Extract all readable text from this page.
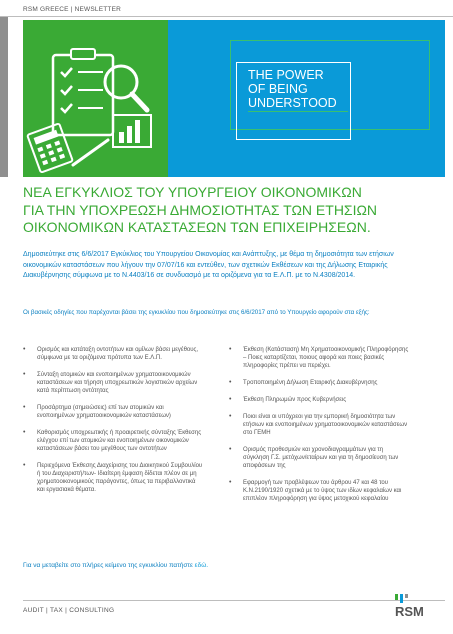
RSM GREECE | NEWSLETTER
THE POWER
OF BEING
UNDERSTOOD
ΝΕΑ ΕΓΚΥΚΛΙΟΣ ΤΟΥ ΥΠΟΥΡΓΕΙΟΥ ΟΙΚΟΝΟΜΙΚΩΝ
ΓΙΑ ΤΗΝ ΥΠΟΧΡΕΩΣΗ ΔΗΜΟΣΙΟΤΗΤΑΣ ΤΩΝ ΕΤΗΣΙΩΝ
ΟΙΚΟΝΟΜΙΚΩΝ ΚΑΤΑΣΤΑΣΕΩΝ ΤΩΝ ΕΠΙΧΕΙΡΗΣΕΩΝ.
Δημοσιεύτηκε στις 6/6/2017 Εγκύκλιος του Υπουργείου Οικονομίας και Ανάπτυξης, με θέμα τη δημοσιότητα των ετήσιων οικονομικών καταστάσεων που λήγουν την 07/07/16 και εντεύθεν, των σχετικών Εκθέσεων και της Δήλωσης Εταιρικής Διακυβέρνησης σύμφωνα με το Ν.4403/16 σε συνδυασμό με τα οριζόμενα για τα Ε.Λ.Π. με το Ν.4308/2014.
Οι βασικές οδηγίες που παρέχονται βάσει της εγκυκλίου που δημοσιεύτηκε στις 6/6/2017 από το Υπουργείο αφορούν στα εξής:
• Ορισμός και κατάταξη οντοτήτων και ομίλων βάσει μεγέθους, σύμφωνα με τα οριζόμενα πρότυπα των Ε.Λ.Π.
• Σύνταξη ατομικών και ενοποιημένων χρηματοοικονομικών καταστάσεων και τήρηση υποχρεωτικών λογιστικών αρχείων κατά περίπτωση οντότητας
• Προσάρτημα (σημειώσεις) επί των ατομικών και ενοποιημένων χρηματοοικονομικών καταστάσεων)
• Καθορισμός υποχρεωτικής ή προαιρετικής σύνταξης Έκθεσης ελέγχου επί των ατομικών και ενοποιημένων οικονομικών καταστάσεων βάσει του μεγέθους των οντοτήτων
• Περιεχόμενα Έκθεσης Διαχείρισης του Διοικητικού Συμβουλίου ή του Διαχειριστή/των- Ιδιαίτερη έμφαση δίδεται πλέον σε μη χρηματοοικονομικούς παράγοντες, όπως τα περιβαλλοντικά και εργασιακά θέματα.
• Έκθεση (Κατάσταση) Μη Χρηματοοικονομικής Πληροφόρησης – Ποιες καταρτίζεται, ποιους αφορά και ποιες βασικές πληροφορίες πρέπει να περιέχει.
• Τροποποιημένη Δήλωση Εταιρικής Διακυβέρνησης
• Έκθεση Πληρωμών προς Κυβερνήσεις
• Ποιοι είναι οι υπόχρεοι για την εμπορική δημοσιότητα των ετήσιων και ενοποιημένων χρηματοοικονομικών καταστάσεων στο ΓΕΜΗ
• Ορισμός προθεσμιών και χρονοδιαγραμμάτων για τη σύγκληση Γ.Σ. μετόχων/εταίρων και για τη δημοσίευση των αποφάσεων της
• Εφαρμογή των προβλέψεων του άρθρου 47 και 48 του Κ.Ν.2190/1920 σχετικά με το ύψος των ιδίων κεφαλαίων και επιπλέον πληροφόρηση για ύψος μετοχικού κεφαλαίου
Για να μεταβείτε στο πλήρες κείμενο της εγκυκλίου πατήστε εδώ.
AUDIT | TAX | CONSULTING	RSM
